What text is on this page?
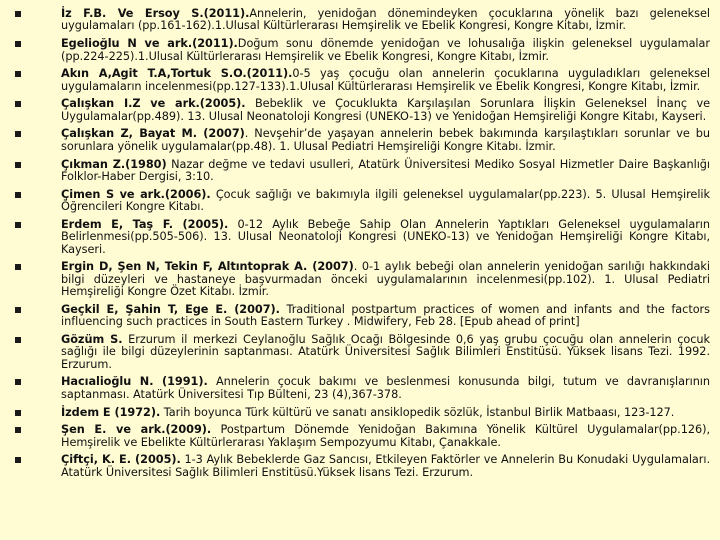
İz F.B. Ve Ersoy S.(2011).Annelerin, yenidoğan dönemindeyken çocuklarına yönelik bazı geleneksel uygulamaları (pp.161-162).1.Ulusal Kültürlerarası Hemşirelik ve Ebelik Kongresi, Kongre Kitabı, İzmir.
Egelioğlu N ve ark.(2011).Doğum sonu dönemde yenidoğan ve lohusalığa ilişkin geleneksel uygulamalar (pp.224-225).1.Ulusal Kültürlerarası Hemşirelik ve Ebelik Kongresi, Kongre Kitabı, İzmir.
Akın A,Agit T.A,Tortuk S.O.(2011).0-5 yaş çocuğu olan annelerin çocuklarına uyguladıkları geleneksel uygulamaların incelenmesi(pp.127-133).1.Ulusal Kültürlerarası Hemşirelik ve Ebelik Kongresi, Kongre Kitabı, İzmir.
Çalışkan I.Z ve ark.(2005). Bebeklik ve Çocuklukta Karşılaşılan Sorunlara İlişkin Geleneksel İnanç ve Uygulamalar(pp.489). 13. Ulusal Neonatoloji Kongresi (UNEKO-13) ve Yenidoğan Hemşireliği Kongre Kitabı, Kayseri.
Çalışkan Z, Bayat M. (2007). Nevşehir’de yaşayan annelerin bebek bakımında karşılaştıkları sorunlar ve bu sorunlara yönelik uygulamalar(pp.48). 1. Ulusal Pediatri Hemşireliği Kongre Kitabı. İzmir.
Çıkman Z.(1980) Nazar değme ve tedavi usulleri, Atatürk Üniversitesi Mediko Sosyal Hizmetler Daire Başkanlığı Folklor-Haber Dergisi, 3:10.
Çimen S ve ark.(2006). Çocuk sağlığı ve bakımıyla ilgili geleneksel uygulamalar(pp.223). 5. Ulusal Hemşirelik Öğrencileri Kongre Kitabı.
Erdem E, Taş F. (2005). 0-12 Aylık Bebeğe Sahip Olan Annelerin Yaptıkları Geleneksel uygulamaların Belirlenmesi(pp.505-506). 13. Ulusal Neonatoloji Kongresi (UNEKO-13) ve Yenidoğan Hemşireliği Kongre Kitabı, Kayseri.
Ergin D, Şen N, Tekin F, Altıntoprak A. (2007). 0-1 aylık bebeği olan annelerin yenidoğan sarılığı hakkındaki bilgi düzeyleri ve hastaneye başvurmadan önceki uygulamalarının incelenmesi(pp.102). 1. Ulusal Pediatri Hemşireliği Kongre Özet Kitabı. İzmir.
Geçkil E, Şahin T, Ege E. (2007). Traditional postpartum practices of women and infants and the factors influencing such practices in South Eastern Turkey . Midwifery, Feb 28. [Epub ahead of print]
Gözüm S. Erzurum il merkezi Ceylanoğlu Sağlık Ocağı Bölgesinde 0,6 yaş grubu çocuğu olan annelerin çocuk sağlığı ile bilgi düzeylerinin saptanması. Atatürk Üniversitesi Sağlık Bilimleri Enstitüsü. Yüksek lisans Tezi. 1992. Erzurum.
Hacıalioğlu N. (1991). Annelerin çocuk bakımı ve beslenmesi konusunda bilgi, tutum ve davranışlarının saptanması. Atatürk Üniversitesi Tıp Bülteni, 23 (4),367-378.
İzdem E (1972). Tarih boyunca Türk kültürü ve sanatı ansiklopedik sözlük, İstanbul Birlik Matbaası, 123-127.
Şen E. ve ark.(2009). Postpartum Dönemde Yenidoğan Bakımına Yönelik Kültürel Uygulamalar(pp.126), Hemşirelik ve Ebelikte Kültürlerarası Yaklaşım Sempozyumu Kitabı, Çanakkale.
Çiftçi, K. E. (2005). 1-3 Aylık Bebeklerde Gaz Sancısı, Etkileyen Faktörler ve Annelerin Bu Konudaki Uygulamaları. Atatürk Üniversitesi Sağlık Bilimleri Enstitüsü.Yüksek lisans Tezi. Erzurum.
